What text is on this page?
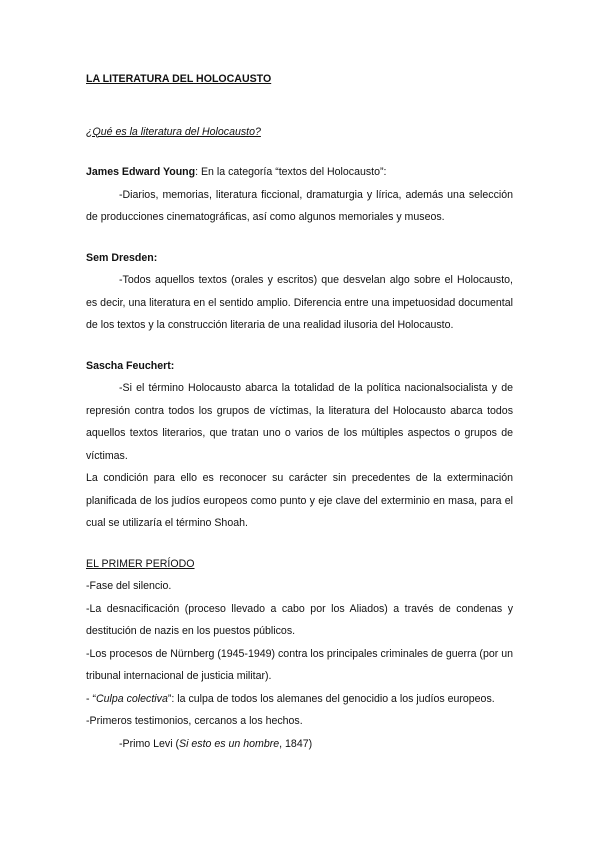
LA LITERATURA DEL HOLOCAUSTO

¿Qué es la literatura del Holocausto?

James Edward Young: En la categoría “textos del Holocausto”:

-Diarios, memorias, literatura ficcional, dramaturgia y lírica, además una selección de producciones cinematográficas, así como algunos memoriales y museos.

Sem Dresden:

-Todos aquellos textos (orales y escritos) que desvelan algo sobre el Holocausto, es decir, una literatura en el sentido amplio. Diferencia entre una impetuosidad documental de los textos y la construcción literaria de una realidad ilusoria del Holocausto.

Sascha Feuchert:

-Si el término Holocausto abarca la totalidad de la política nacionalsocialista y de represión contra todos los grupos de víctimas, la literatura del Holocausto abarca todos aquellos textos literarios, que tratan uno o varios de los múltiples aspectos o grupos de víctimas.

La condición para ello es reconocer su carácter sin precedentes de la exterminación planificada de los judíos europeos como punto y eje clave del exterminio en masa, para el cual se utilizaría el término Shoah.

EL PRIMER PERÍODO

-Fase del silencio.

-La desnacificación (proceso llevado a cabo por los Aliados) a través de condenas y destitución de nazis en los puestos públicos.

-Los procesos de Nürnberg (1945-1949) contra los principales criminales de guerra (por un tribunal internacional de justicia militar).

- “Culpa colectiva”: la culpa de todos los alemanes del genocidio a los judíos europeos.

-Primeros testimonios, cercanos a los hechos.

-Primo Levi (Si esto es un hombre, 1847)
